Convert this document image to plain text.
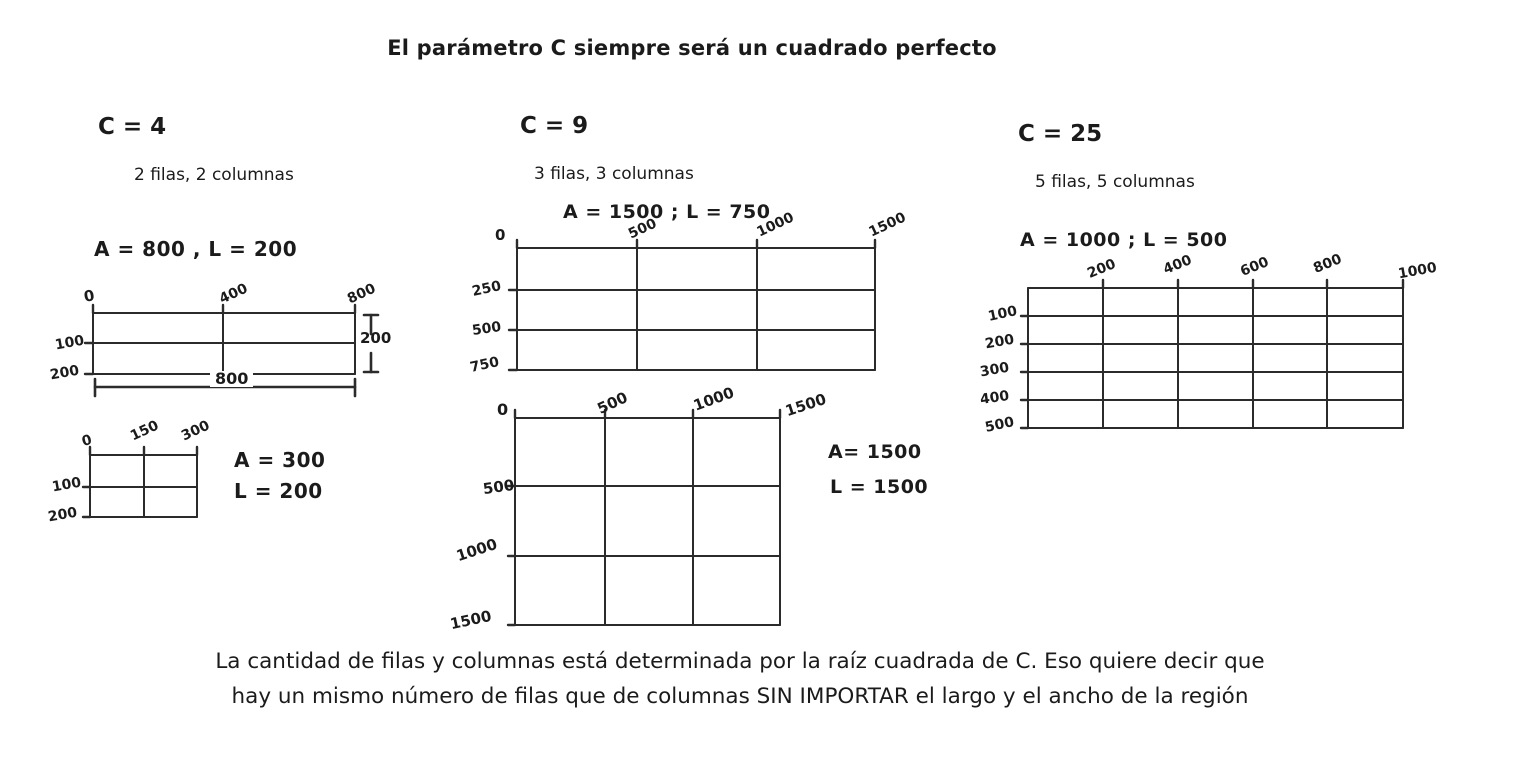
El parámetro C siempre será un cuadrado perfecto
C = 4
2 filas, 2 columnas
A = 800 , L = 200
0	400	800
100
200	800
200
0 150 300
100
200
A = 300
L = 200
C = 9
3 filas, 3 columnas
A = 1500 ; L = 750
0	500	1000	1500
250
500
750
0	500	1000	1500
500
1000
1500
A= 1500
L = 1500
C = 25
5 filas, 5 columnas
A = 1000 ; L = 500
200	400	600	800	1000
100
200
300
400
500
La cantidad de filas y columnas está determinada por la raíz cuadrada de C. Eso quiere decir que
hay un mismo número de filas que de columnas SIN IMPORTAR el largo y el ancho de la región
